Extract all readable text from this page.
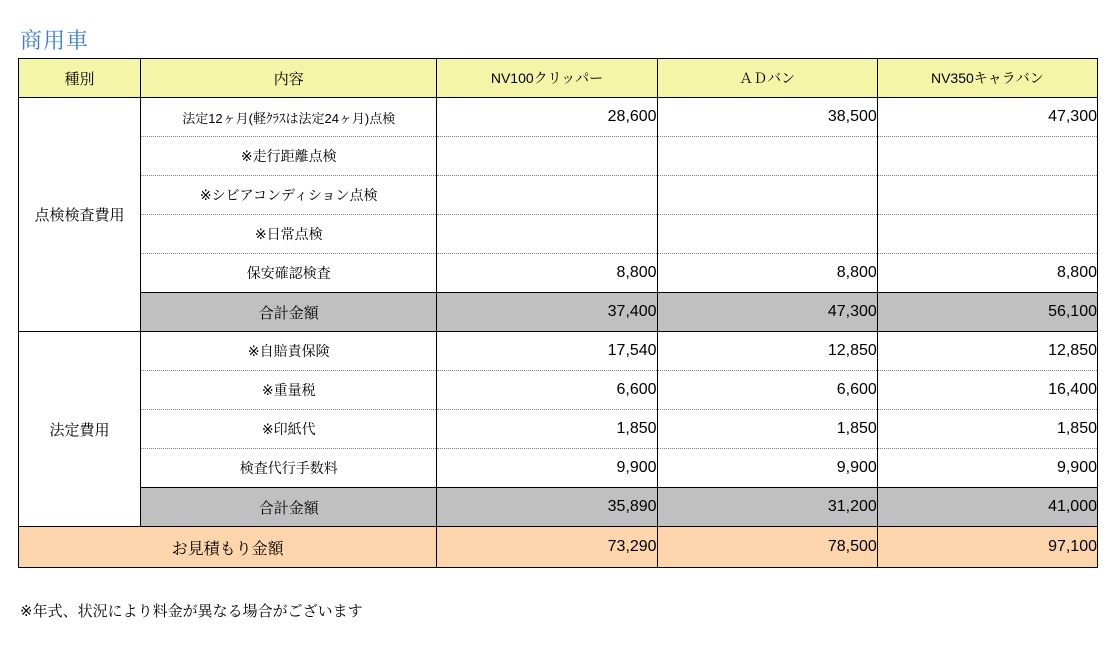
商用車
種別	内容	NV100クリッパー	ＡＤバン	NV350キャラバン
点検検査費用	法定12ヶ月(軽ｸﾗｽは法定24ヶ月)点検	28,600	38,500	47,300
	※走行距離点検			
	※シビアコンディション点検			
	※日常点検			
	保安確認検査	8,800	8,800	8,800
	合計金額	37,400	47,300	56,100
法定費用	※自賠責保険	17,540	12,850	12,850
	※重量税	6,600	6,600	16,400
	※印紙代	1,850	1,850	1,850
	検査代行手数料	9,900	9,900	9,900
	合計金額	35,890	31,200	41,000
お見積もり金額		73,290	78,500	97,100
※年式、状況により料金が異なる場合がございます
